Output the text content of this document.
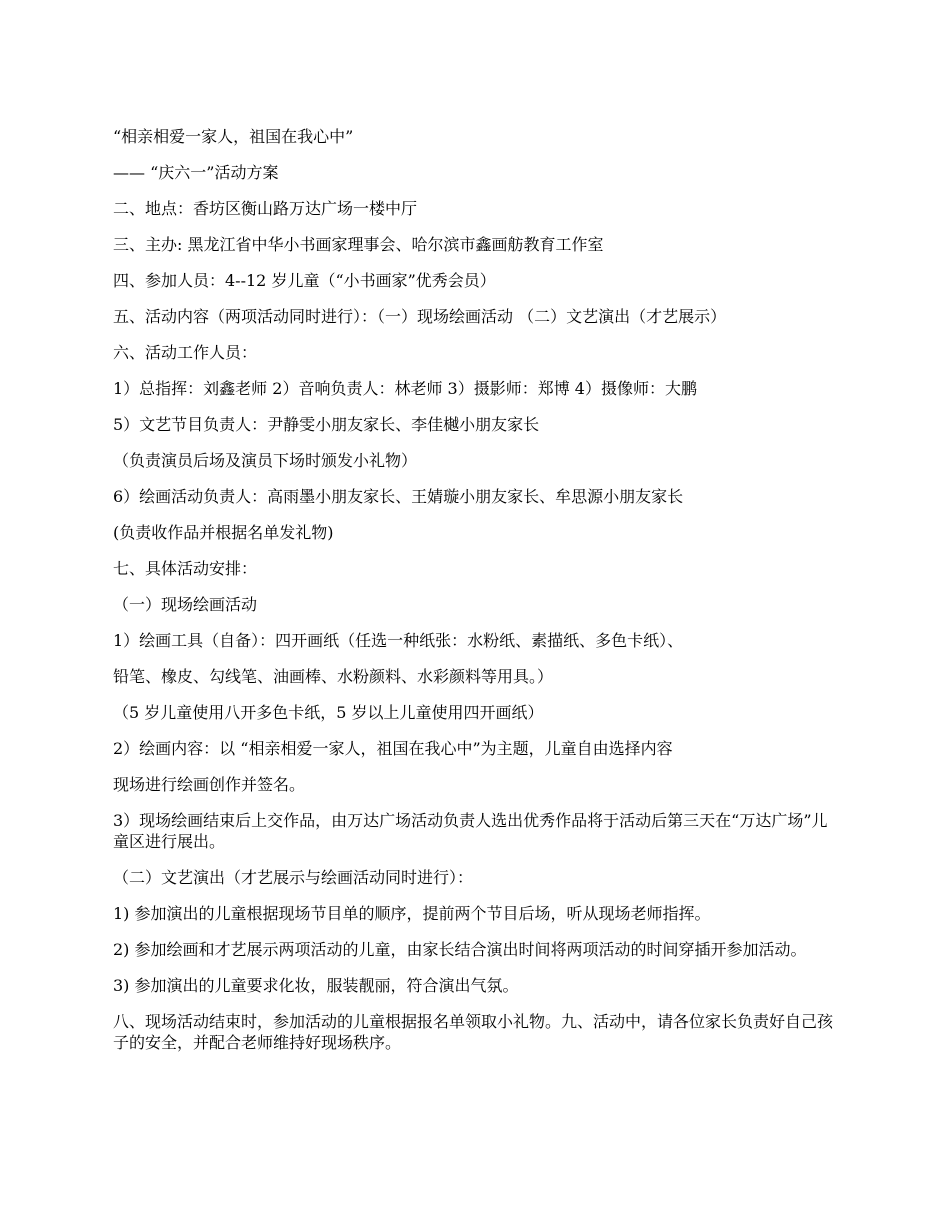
“相亲相爱一家人，祖国在我心中”

—— “庆六一”活动方案

二、地点：香坊区衡山路万达广场一楼中厅

三、主办: 黑龙江省中华小书画家理事会、哈尔滨市鑫画舫教育工作室

四、参加人员：4--12 岁儿童（“小书画家”优秀会员）

五、活动内容（两项活动同时进行）：（一）现场绘画活动 （二）文艺演出（才艺展示）

六、活动工作人员：

1）总指挥：刘鑫老师 2）音响负责人：林老师 3）摄影师：郑博 4）摄像师：大鹏

5）文艺节目负责人：尹静雯小朋友家长、李佳樾小朋友家长

（负责演员后场及演员下场时颁发小礼物）

6）绘画活动负责人：高雨墨小朋友家长、王婧璇小朋友家长、牟思源小朋友家长

(负责收作品并根据名单发礼物)

七、具体活动安排：

（一）现场绘画活动

1）绘画工具（自备）：四开画纸（任选一种纸张：水粉纸、素描纸、多色卡纸）、

铅笔、橡皮、勾线笔、油画棒、水粉颜料、水彩颜料等用具。）

（5 岁儿童使用八开多色卡纸，5 岁以上儿童使用四开画纸）

2）绘画内容：以 “相亲相爱一家人，祖国在我心中”为主题，儿童自由选择内容

现场进行绘画创作并签名。

3）现场绘画结束后上交作品，由万达广场活动负责人选出优秀作品将于活动后第三天在“万达广场”儿童区进行展出。

（二）文艺演出（才艺展示与绘画活动同时进行）：

1) 参加演出的儿童根据现场节目单的顺序，提前两个节目后场，听从现场老师指挥。

2) 参加绘画和才艺展示两项活动的儿童，由家长结合演出时间将两项活动的时间穿插开参加活动。

3) 参加演出的儿童要求化妆，服装靓丽，符合演出气氛。

八、现场活动结束时，参加活动的儿童根据报名单领取小礼物。九、活动中，请各位家长负责好自己孩子的安全，并配合老师维持好现场秩序。
